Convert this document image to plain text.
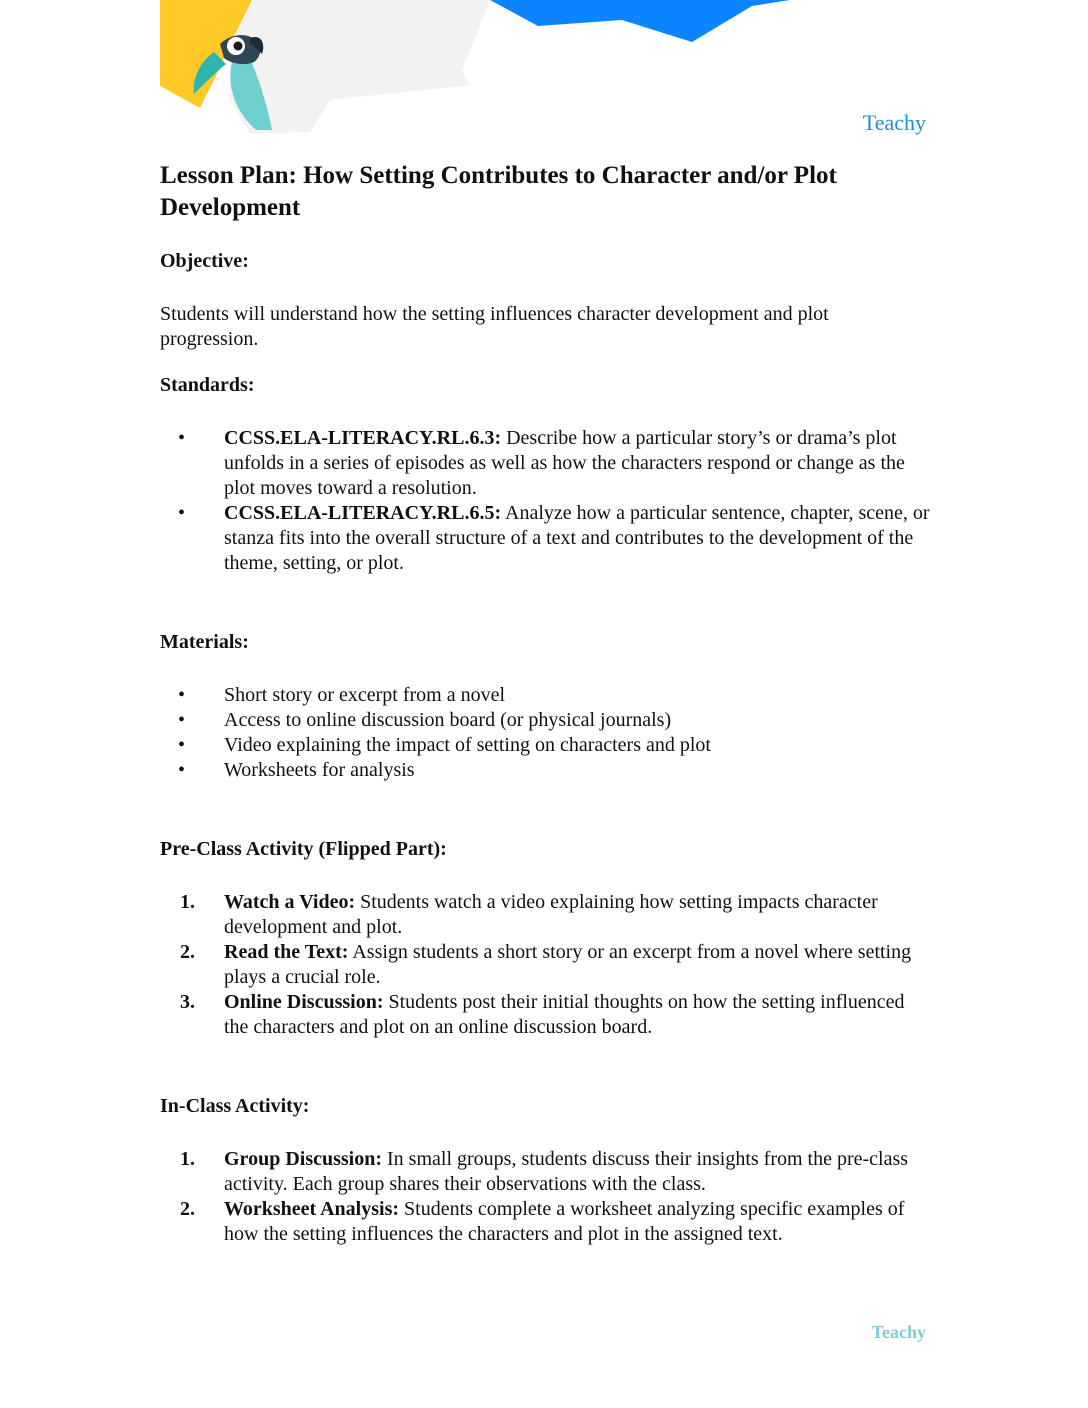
Teachy
Lesson Plan: How Setting Contributes to Character and/or Plot Development
Objective:

Students will understand how the setting influences character development and plot progression.

Standards:
• CCSS.ELA-LITERACY.RL.6.3: Describe how a particular story’s or drama’s plot unfolds in a series of episodes as well as how the characters respond or change as the plot moves toward a resolution.
• CCSS.ELA-LITERACY.RL.6.5: Analyze how a particular sentence, chapter, scene, or stanza fits into the overall structure of a text and contributes to the development of the theme, setting, or plot.
Materials:
• Short story or excerpt from a novel
• Access to online discussion board (or physical journals)
• Video explaining the impact of setting on characters and plot
• Worksheets for analysis
Pre-Class Activity (Flipped Part):
1. Watch a Video: Students watch a video explaining how setting impacts character development and plot.
2. Read the Text: Assign students a short story or an excerpt from a novel where setting plays a crucial role.
3. Online Discussion: Students post their initial thoughts on how the setting influenced the characters and plot on an online discussion board.
In-Class Activity:
1. Group Discussion: In small groups, students discuss their insights from the pre-class activity. Each group shares their observations with the class.
2. Worksheet Analysis: Students complete a worksheet analyzing specific examples of how the setting influences the characters and plot in the assigned text.
Teachy
